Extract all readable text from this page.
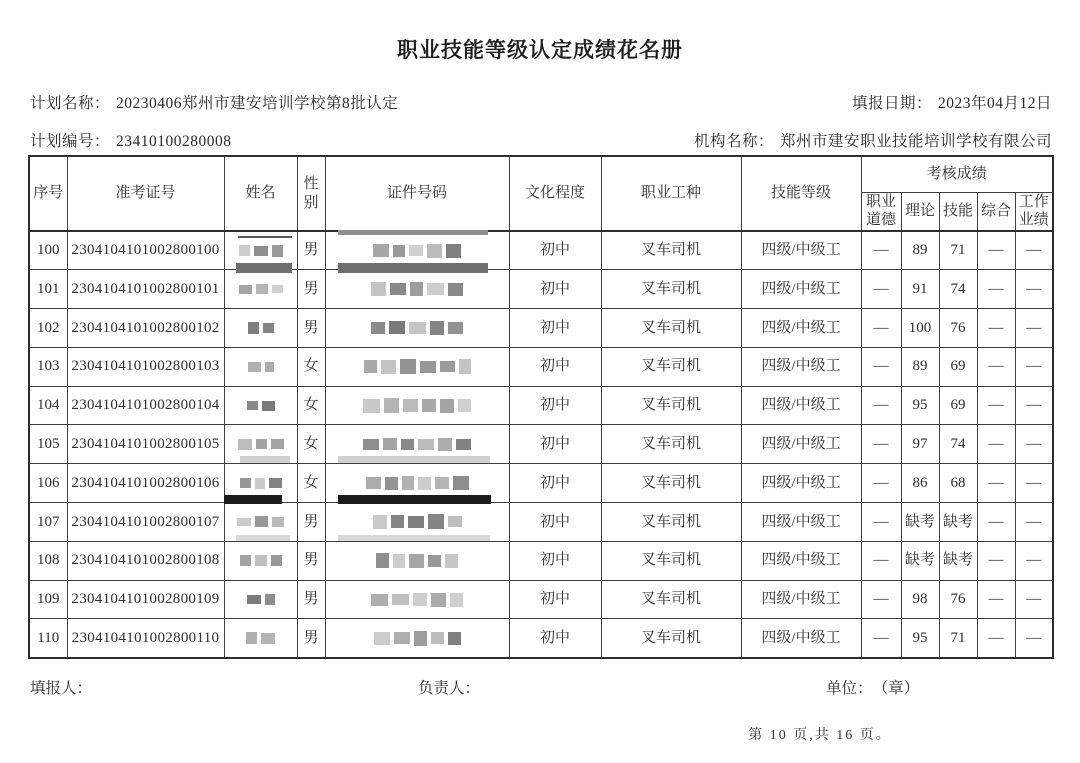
职业技能等级认定成绩花名册
计划名称： 20230406郑州市建安培训学校第8批认定	填报日期： 2023年04月12日
计划编号： 23410100280008	机构名称： 郑州市建安职业技能培训学校有限公司
序号	准考证号	姓名	性别	证件号码	文化程度	职业工种	技能等级	考核成绩				
								职业道德	理论	技能	综合	工作业绩
100	2304104101002800100		男		初中	叉车司机	四级/中级工	—	89	71	—	—
101	2304104101002800101		男		初中	叉车司机	四级/中级工	—	91	74	—	—
102	2304104101002800102		男		初中	叉车司机	四级/中级工	—	100	76	—	—
103	2304104101002800103		女		初中	叉车司机	四级/中级工	—	89	69	—	—
104	2304104101002800104		女		初中	叉车司机	四级/中级工	—	95	69	—	—
105	2304104101002800105		女		初中	叉车司机	四级/中级工	—	97	74	—	—
106	2304104101002800106		女		初中	叉车司机	四级/中级工	—	86	68	—	—
107	2304104101002800107		男		初中	叉车司机	四级/中级工	—	缺考	缺考	—	—
108	2304104101002800108		男		初中	叉车司机	四级/中级工	—	缺考	缺考	—	—
109	2304104101002800109		男		初中	叉车司机	四级/中级工	—	98	76	—	—
110	2304104101002800110		男		初中	叉车司机	四级/中级工	—	95	71	—	—
填报人：	负责人：	单位： （章）
第 10 页,共 16 页。
